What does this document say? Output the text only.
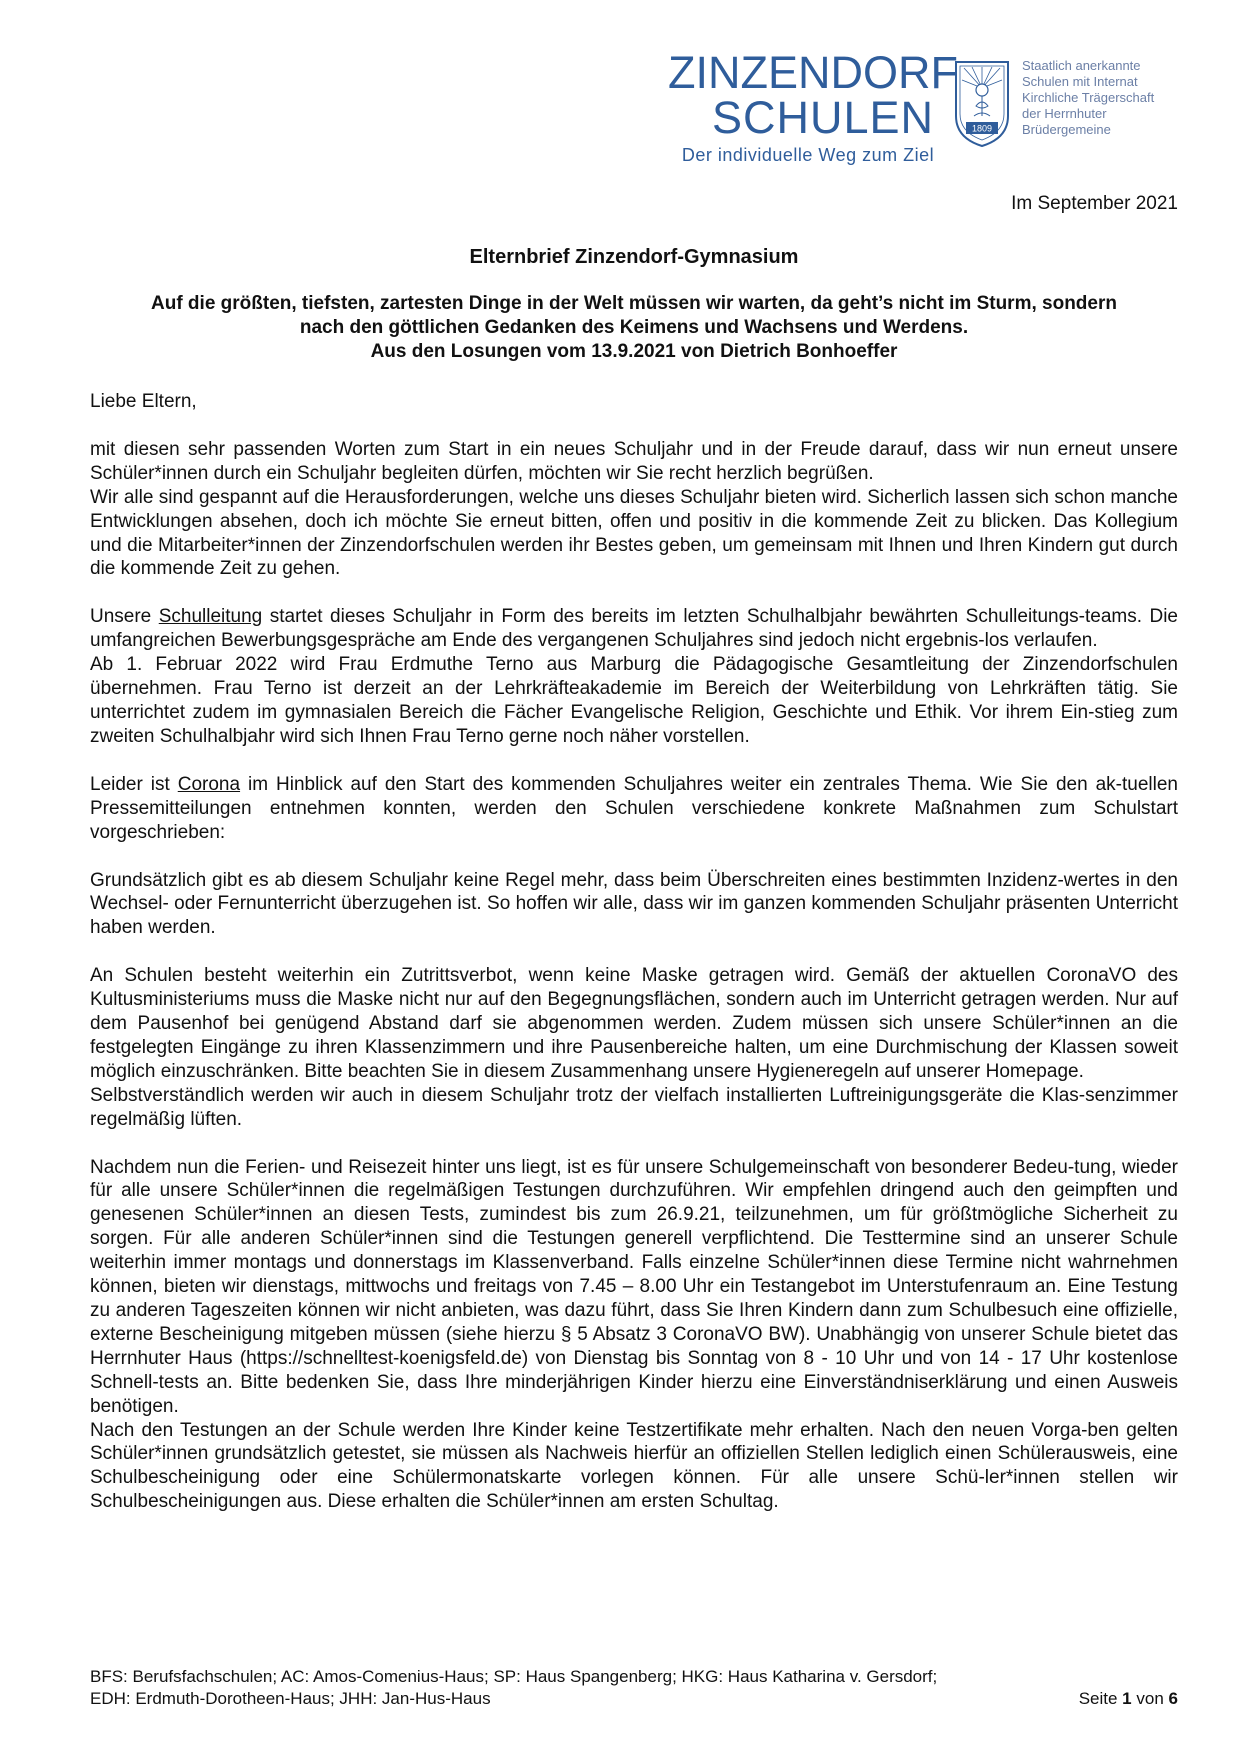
ZINZENDORF
SCHULEN
Der individuelle Weg zum Ziel
1809
Staatlich anerkannte
Schulen mit Internat
Kirchliche Trägerschaft
der Herrnhuter
Brüdergemeine
Im September 2021
Elternbrief Zinzendorf-Gymnasium
Auf die größten, tiefsten, zartesten Dinge in der Welt müssen wir warten, da geht’s nicht im Sturm, sondern
nach den göttlichen Gedanken des Keimens und Wachsens und Werdens.
Aus den Losungen vom 13.9.2021 von Dietrich Bonhoeffer

Liebe Eltern,

mit diesen sehr passenden Worten zum Start in ein neues Schuljahr und in der Freude darauf, dass wir nun erneut unsere Schüler*innen durch ein Schuljahr begleiten dürfen, möchten wir Sie recht herzlich begrüßen.

Wir alle sind gespannt auf die Herausforderungen, welche uns dieses Schuljahr bieten wird. Sicherlich lassen sich schon manche Entwicklungen absehen, doch ich möchte Sie erneut bitten, offen und positiv in die kommende Zeit zu blicken. Das Kollegium und die Mitarbeiter*innen der Zinzendorfschulen werden ihr Bestes geben, um gemeinsam mit Ihnen und Ihren Kindern gut durch die kommende Zeit zu gehen.

Unsere Schulleitung startet dieses Schuljahr in Form des bereits im letzten Schulhalbjahr bewährten Schulleitungs-teams. Die umfangreichen Bewerbungsgespräche am Ende des vergangenen Schuljahres sind jedoch nicht ergebnis-los verlaufen.

Ab 1. Februar 2022 wird Frau Erdmuthe Terno aus Marburg die Pädagogische Gesamtleitung der Zinzendorfschulen übernehmen. Frau Terno ist derzeit an der Lehrkräfteakademie im Bereich der Weiterbildung von Lehrkräften tätig. Sie unterrichtet zudem im gymnasialen Bereich die Fächer Evangelische Religion, Geschichte und Ethik. Vor ihrem Ein-stieg zum zweiten Schulhalbjahr wird sich Ihnen Frau Terno gerne noch näher vorstellen.

Leider ist Corona im Hinblick auf den Start des kommenden Schuljahres weiter ein zentrales Thema. Wie Sie den ak-tuellen Pressemitteilungen entnehmen konnten, werden den Schulen verschiedene konkrete Maßnahmen zum Schulstart vorgeschrieben:

Grundsätzlich gibt es ab diesem Schuljahr keine Regel mehr, dass beim Überschreiten eines bestimmten Inzidenz-wertes in den Wechsel- oder Fernunterricht überzugehen ist. So hoffen wir alle, dass wir im ganzen kommenden Schuljahr präsenten Unterricht haben werden.

An Schulen besteht weiterhin ein Zutrittsverbot, wenn keine Maske getragen wird. Gemäß der aktuellen CoronaVO des Kultusministeriums muss die Maske nicht nur auf den Begegnungsflächen, sondern auch im Unterricht getragen werden. Nur auf dem Pausenhof bei genügend Abstand darf sie abgenommen werden. Zudem müssen sich unsere Schüler*innen an die festgelegten Eingänge zu ihren Klassenzimmern und ihre Pausenbereiche halten, um eine Durchmischung der Klassen soweit möglich einzuschränken. Bitte beachten Sie in diesem Zusammenhang unsere Hygieneregeln auf unserer Homepage.

Selbstverständlich werden wir auch in diesem Schuljahr trotz der vielfach installierten Luftreinigungsgeräte die Klas-senzimmer regelmäßig lüften.

Nachdem nun die Ferien- und Reisezeit hinter uns liegt, ist es für unsere Schulgemeinschaft von besonderer Bedeu-tung, wieder für alle unsere Schüler*innen die regelmäßigen Testungen durchzuführen. Wir empfehlen dringend auch den geimpften und genesenen Schüler*innen an diesen Tests, zumindest bis zum 26.9.21, teilzunehmen, um für größtmögliche Sicherheit zu sorgen. Für alle anderen Schüler*innen sind die Testungen generell verpflichtend. Die Testtermine sind an unserer Schule weiterhin immer montags und donnerstags im Klassenverband. Falls einzelne Schüler*innen diese Termine nicht wahrnehmen können, bieten wir dienstags, mittwochs und freitags von 7.45 – 8.00 Uhr ein Testangebot im Unterstufenraum an. Eine Testung zu anderen Tageszeiten können wir nicht anbieten, was dazu führt, dass Sie Ihren Kindern dann zum Schulbesuch eine offizielle, externe Bescheinigung mitgeben müssen (siehe hierzu § 5 Absatz 3 CoronaVO BW). Unabhängig von unserer Schule bietet das Herrnhuter Haus (https://schnelltest-koenigsfeld.de) von Dienstag bis Sonntag von 8 - 10 Uhr und von 14 - 17 Uhr kostenlose Schnell-tests an. Bitte bedenken Sie, dass Ihre minderjährigen Kinder hierzu eine Einverständniserklärung und einen Ausweis benötigen.

Nach den Testungen an der Schule werden Ihre Kinder keine Testzertifikate mehr erhalten. Nach den neuen Vorga-ben gelten Schüler*innen grundsätzlich getestet, sie müssen als Nachweis hierfür an offiziellen Stellen lediglich einen Schülerausweis, eine Schulbescheinigung oder eine Schülermonatskarte vorlegen können. Für alle unsere Schü-ler*innen stellen wir Schulbescheinigungen aus. Diese erhalten die Schüler*innen am ersten Schultag.

BFS: Berufsfachschulen; AC: Amos-Comenius-Haus; SP: Haus Spangenberg; HKG: Haus Katharina v. Gersdorf;
EDH: Erdmuth-Dorotheen-Haus; JHH: Jan-Hus-Haus	Seite 1 von 6
